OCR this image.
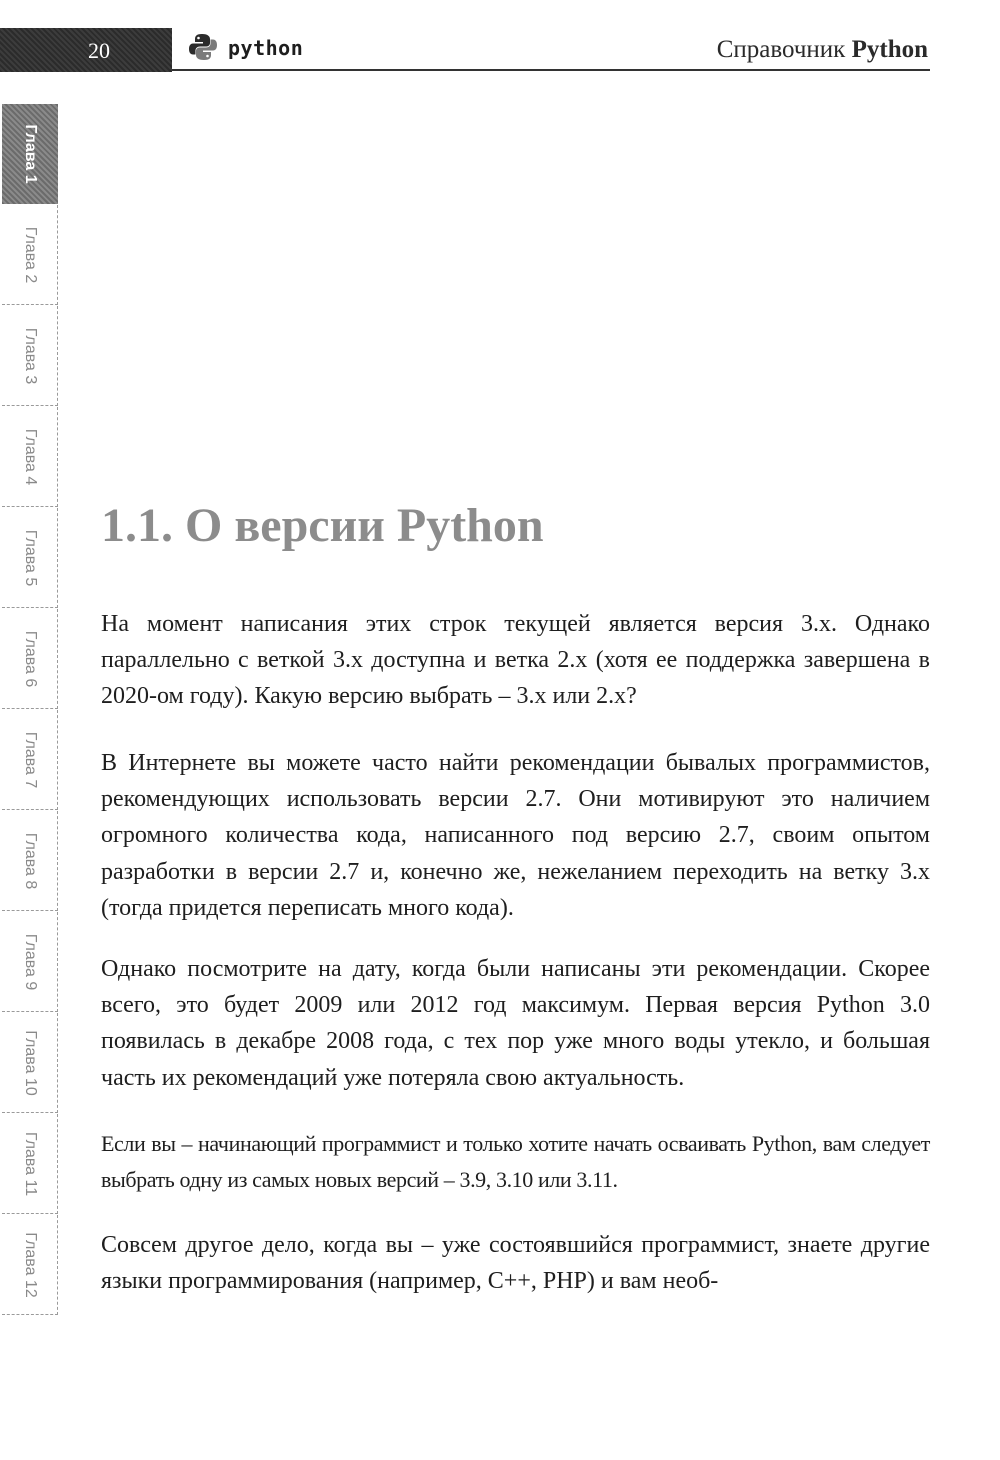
20	python	Справочник Python
Глава 1
Глава 2
Глава 3
Глава 4
Глава 5
Глава 6
Глава 7
Глава 8
Глава 9
Глава 10
Глава 11
Глава 12
1.1. О версии Python

На момент написания этих строк текущей является версия 3.x. Однако параллельно с веткой 3.x доступна и ветка 2.x (хотя ее поддержка завершена в 2020-ом году). Какую версию выбрать – 3.x или 2.x?

В Интернете вы можете часто найти рекомендации бывалых программистов, рекомендующих использовать версии 2.7. Они мотивируют это наличием огромного количества кода, написанного под версию 2.7, своим опытом разработки в версии 2.7 и, конечно же, нежеланием переходить на ветку 3.x (тогда придется переписать много кода).

Однако посмотрите на дату, когда были написаны эти рекомендации. Скорее всего, это будет 2009 или 2012 год максимум. Первая версия Python 3.0 появилась в декабре 2008 года, с тех пор уже много воды утекло, и большая часть их рекомендаций уже потеряла свою актуальность.

Если вы – начинающий программист и только хотите начать осваивать Python, вам следует выбрать одну из самых новых версий – 3.9, 3.10 или 3.11.

Совсем другое дело, когда вы – уже состоявшийся программист, знаете другие языки программирования (например, C++, PHP) и вам необ-
